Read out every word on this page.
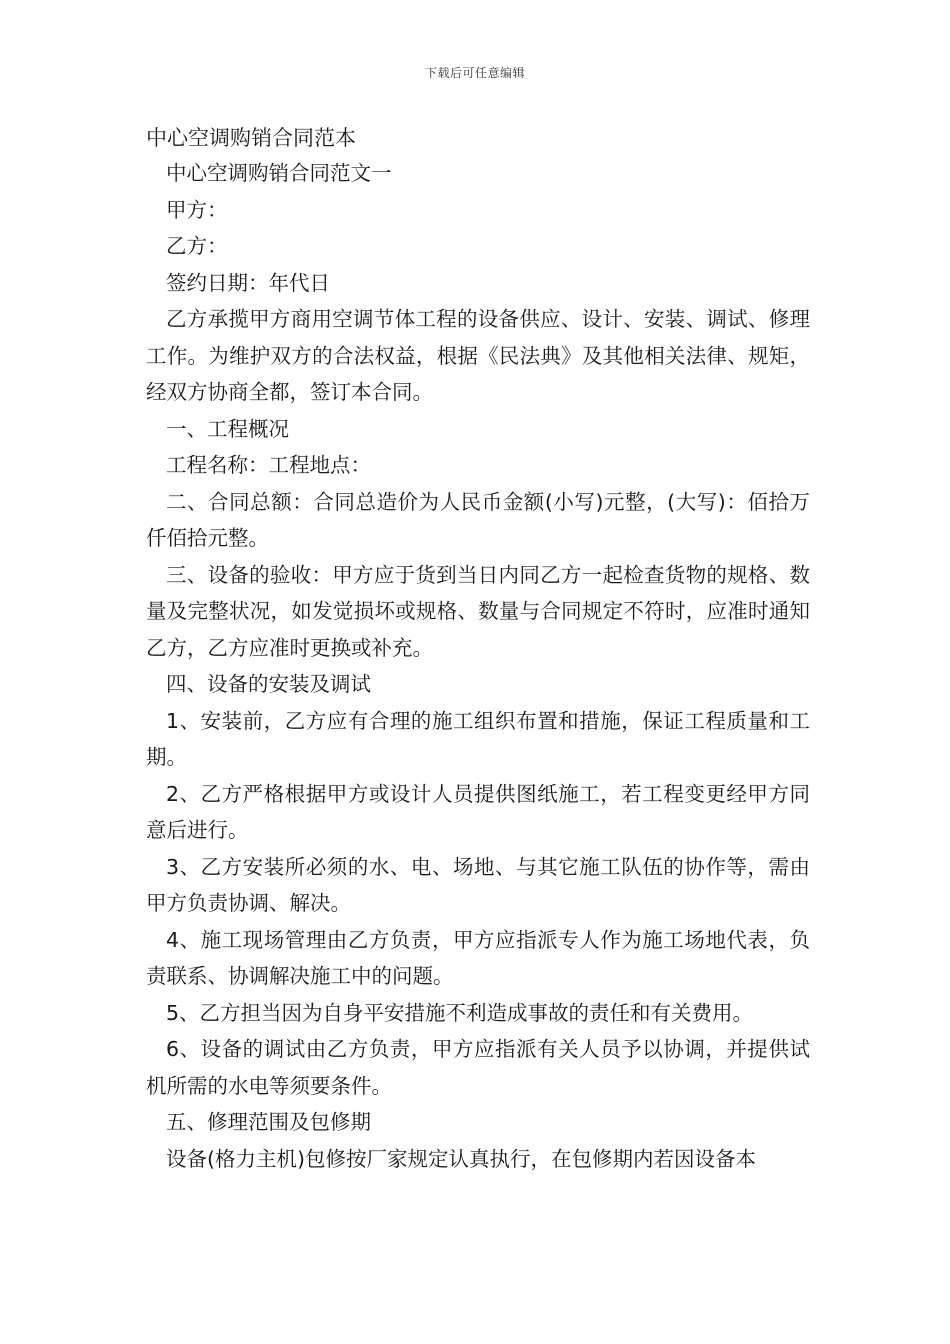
下载后可任意编辑
中心空调购销合同范本

中心空调购销合同范文一

甲方：

乙方：

签约日期：年代日

乙方承揽甲方商用空调节体工程的设备供应、设计、安装、调试、修理工作。为维护双方的合法权益，根据《民法典》及其他相关法律、规矩，经双方协商全都，签订本合同。

一、工程概况

工程名称：工程地点：

二、合同总额：合同总造价为人民币金额(小写)元整，(大写)：佰拾万仟佰拾元整。

三、设备的验收：甲方应于货到当日内同乙方一起检查货物的规格、数量及完整状况，如发觉损坏或规格、数量与合同规定不符时，应准时通知乙方，乙方应准时更换或补充。

四、设备的安装及调试

1、安装前，乙方应有合理的施工组织布置和措施，保证工程质量和工期。

2、乙方严格根据甲方或设计人员提供图纸施工，若工程变更经甲方同意后进行。

3、乙方安装所必须的水、电、场地、与其它施工队伍的协作等，需由甲方负责协调、解决。

4、施工现场管理由乙方负责，甲方应指派专人作为施工场地代表，负责联系、协调解决施工中的问题。

5、乙方担当因为自身平安措施不利造成事故的责任和有关费用。

6、设备的调试由乙方负责，甲方应指派有关人员予以协调，并提供试机所需的水电等须要条件。

五、修理范围及包修期

设备(格力主机)包修按厂家规定认真执行，在包修期内若因设备本
